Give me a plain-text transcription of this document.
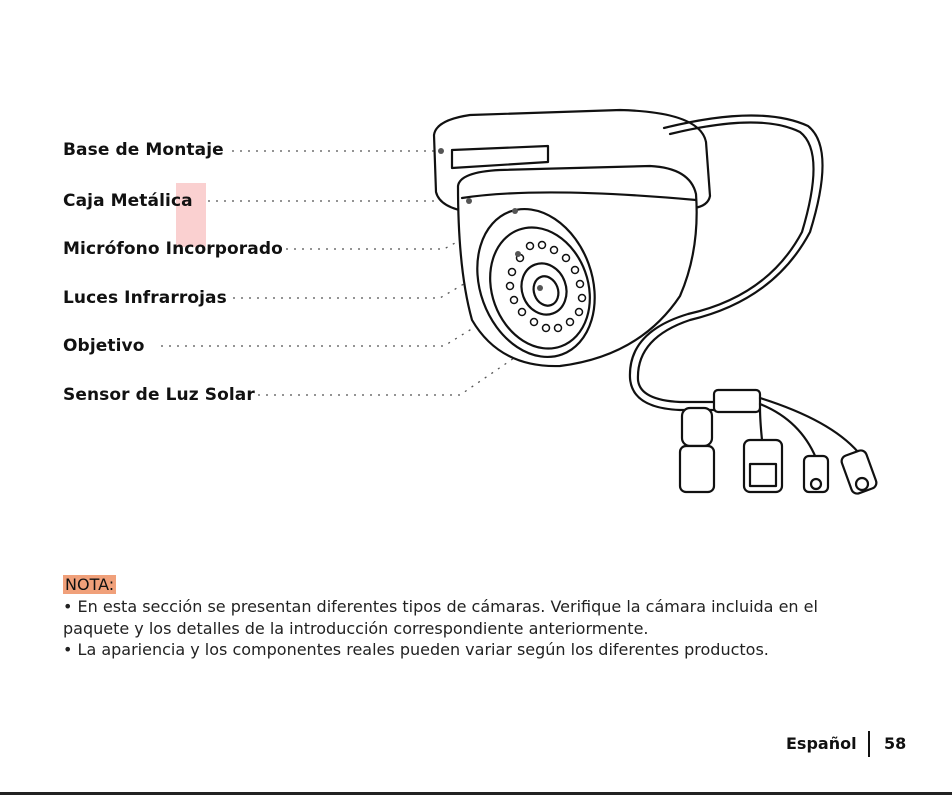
Base de Montaje
Caja Metálica
Micrófono Incorporado
Luces Infrarrojas
Objetivo
Sensor de Luz Solar
NOTA:
• En esta sección se presentan diferentes tipos de cámaras. Verifique la cámara incluida en el
paquete y los detalles de la introducción correspondiente anteriormente.
• La apariencia y los componentes reales pueden variar según los diferentes productos.
Español 58
